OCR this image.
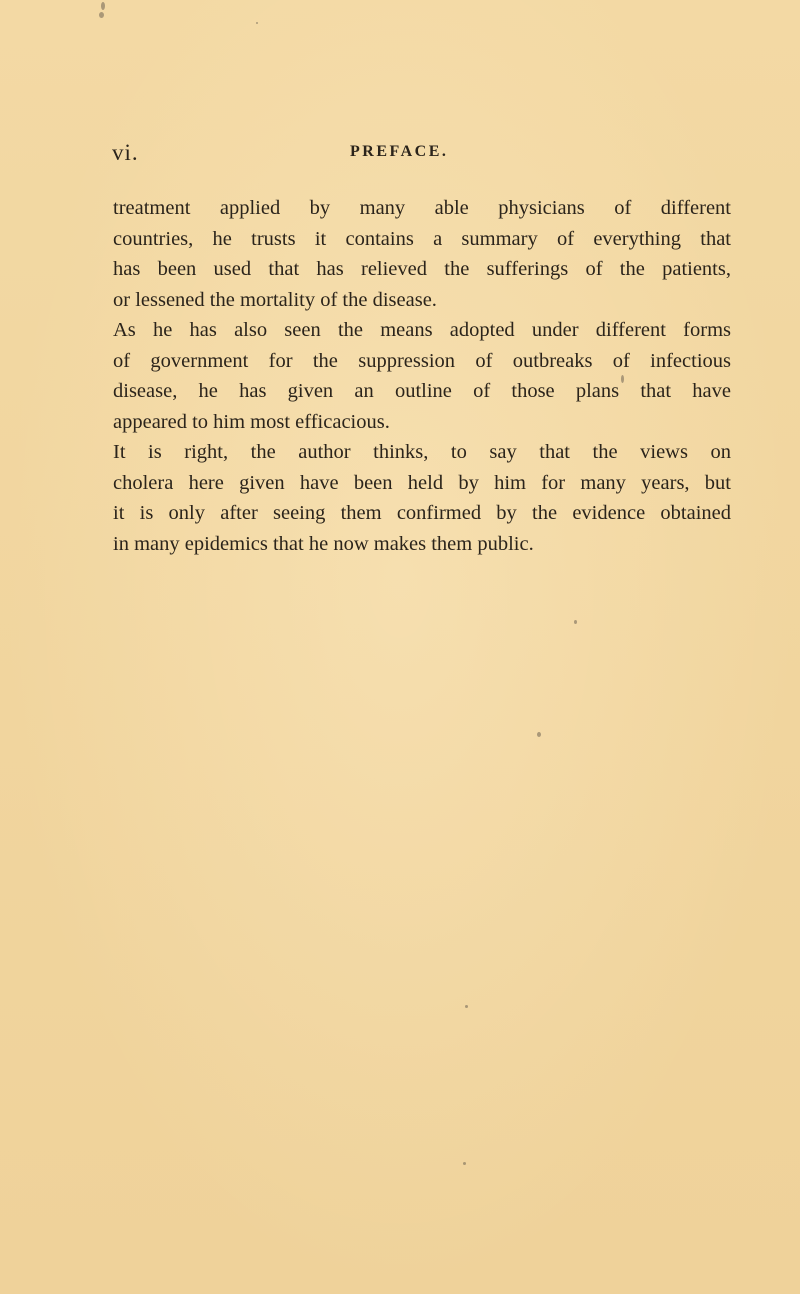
vi.	PREFACE.
treatment applied by many able physicians of different
countries, he trusts it contains a summary of everything that
has been used that has relieved the sufferings of the patients,
or lessened the mortality of the disease.
As he has also seen the means adopted under different forms
of government for the suppression of outbreaks of infectious
disease, he has given an outline of those plans that have
appeared to him most efficacious.
It is right, the author thinks, to say that the views on
cholera here given have been held by him for many years, but
it is only after seeing them confirmed by the evidence obtained
in many epidemics that he now makes them public.
